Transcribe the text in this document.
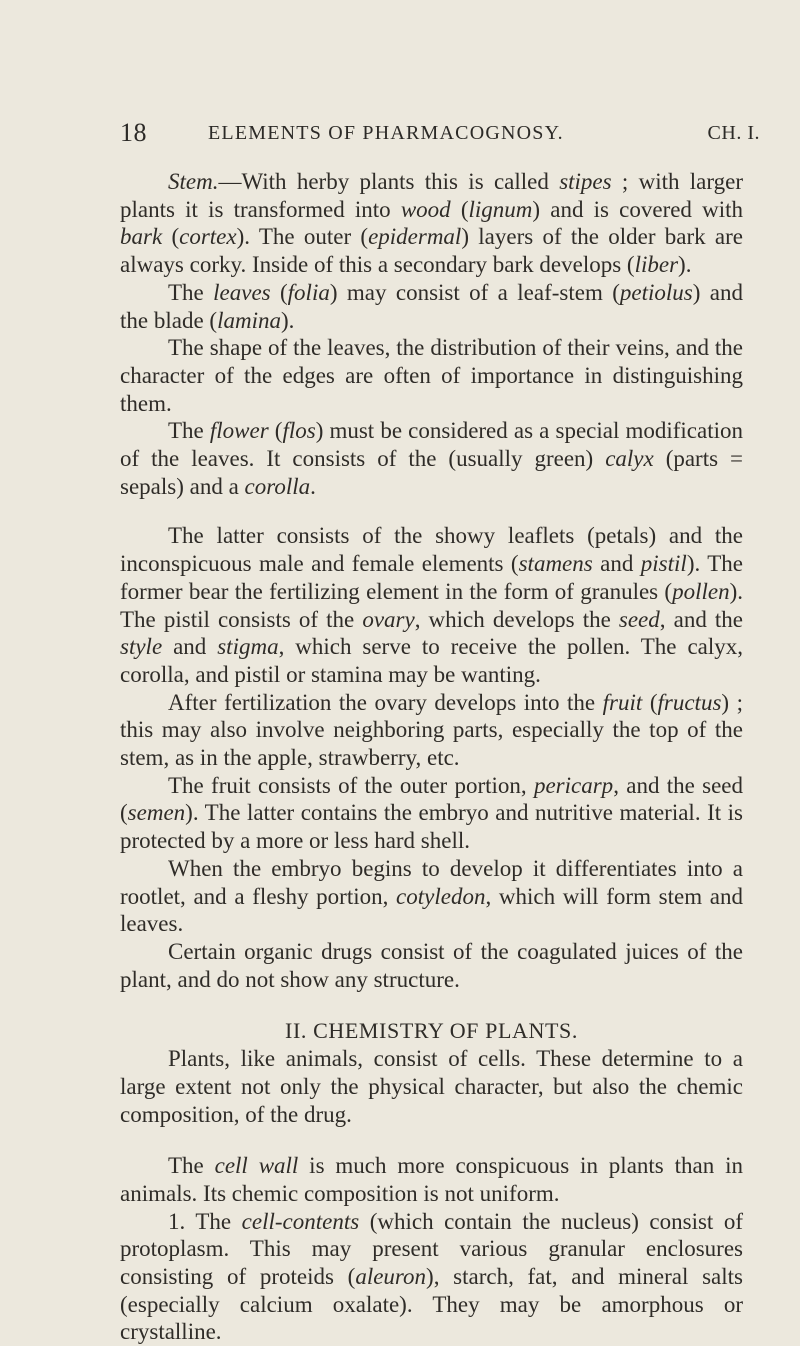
18	ELEMENTS OF PHARMACOGNOSY.	CH. I.

Stem.—With herby plants this is called stipes ; with larger plants it is transformed into wood (lignum) and is covered with bark (cortex). The outer (epidermal) layers of the older bark are always corky. Inside of this a secondary bark develops (liber).

The leaves (folia) may consist of a leaf-stem (petiolus) and the blade (lamina).

The shape of the leaves, the distribution of their veins, and the character of the edges are often of importance in distinguishing them.

The flower (flos) must be considered as a special modification of the leaves. It consists of the (usually green) calyx (parts = sepals) and a corolla.

The latter consists of the showy leaflets (petals) and the inconspicuous male and female elements (stamens and pistil). The former bear the fertilizing element in the form of granules (pollen). The pistil consists of the ovary, which develops the seed, and the style and stigma, which serve to receive the pollen. The calyx, corolla, and pistil or stamina may be wanting.

After fertilization the ovary develops into the fruit (fructus) ; this may also involve neighboring parts, especially the top of the stem, as in the apple, strawberry, etc.

The fruit consists of the outer portion, pericarp, and the seed (semen). The latter contains the embryo and nutritive material. It is protected by a more or less hard shell.

When the embryo begins to develop it differentiates into a rootlet, and a fleshy portion, cotyledon, which will form stem and leaves.

Certain organic drugs consist of the coagulated juices of the plant, and do not show any structure.

II. CHEMISTRY OF PLANTS.

Plants, like animals, consist of cells. These determine to a large extent not only the physical character, but also the chemic composition, of the drug.

The cell wall is much more conspicuous in plants than in animals. Its chemic composition is not uniform.

1. The cell-contents (which contain the nucleus) consist of protoplasm. This may present various granular enclosures consisting of proteids (aleuron), starch, fat, and mineral salts (especially calcium oxalate). They may be amorphous or crystalline.
